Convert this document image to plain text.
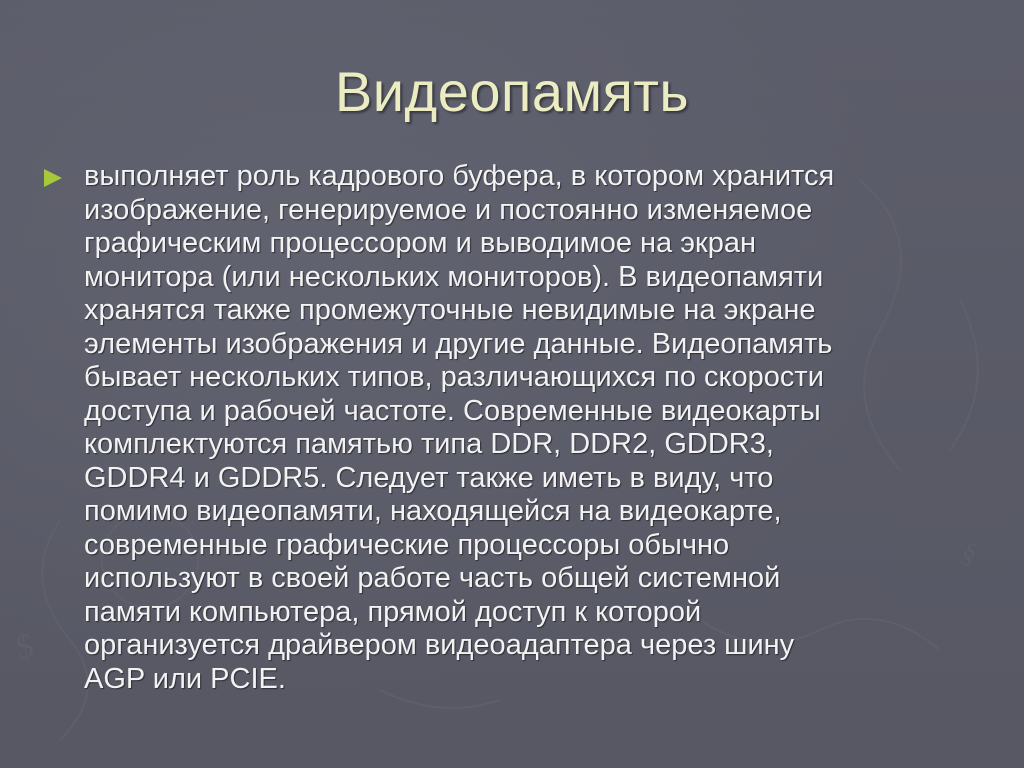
$
§
Видеопамять
выполняет роль кадрового буфера, в котором хранится
изображение, генерируемое и постоянно изменяемое
графическим процессором и выводимое на экран
монитора (или нескольких мониторов). В видеопамяти
хранятся также промежуточные невидимые на экране
элементы изображения и другие данные. Видеопамять
бывает нескольких типов, различающихся по скорости
доступа и рабочей частоте. Современные видеокарты
комплектуются памятью типа DDR, DDR2, GDDR3,
GDDR4 и GDDR5. Следует также иметь в виду, что
помимо видеопамяти, находящейся на видеокарте,
современные графические процессоры обычно
используют в своей работе часть общей системной
памяти компьютера, прямой доступ к которой
организуется драйвером видеоадаптера через шину
AGP или PCIE.
